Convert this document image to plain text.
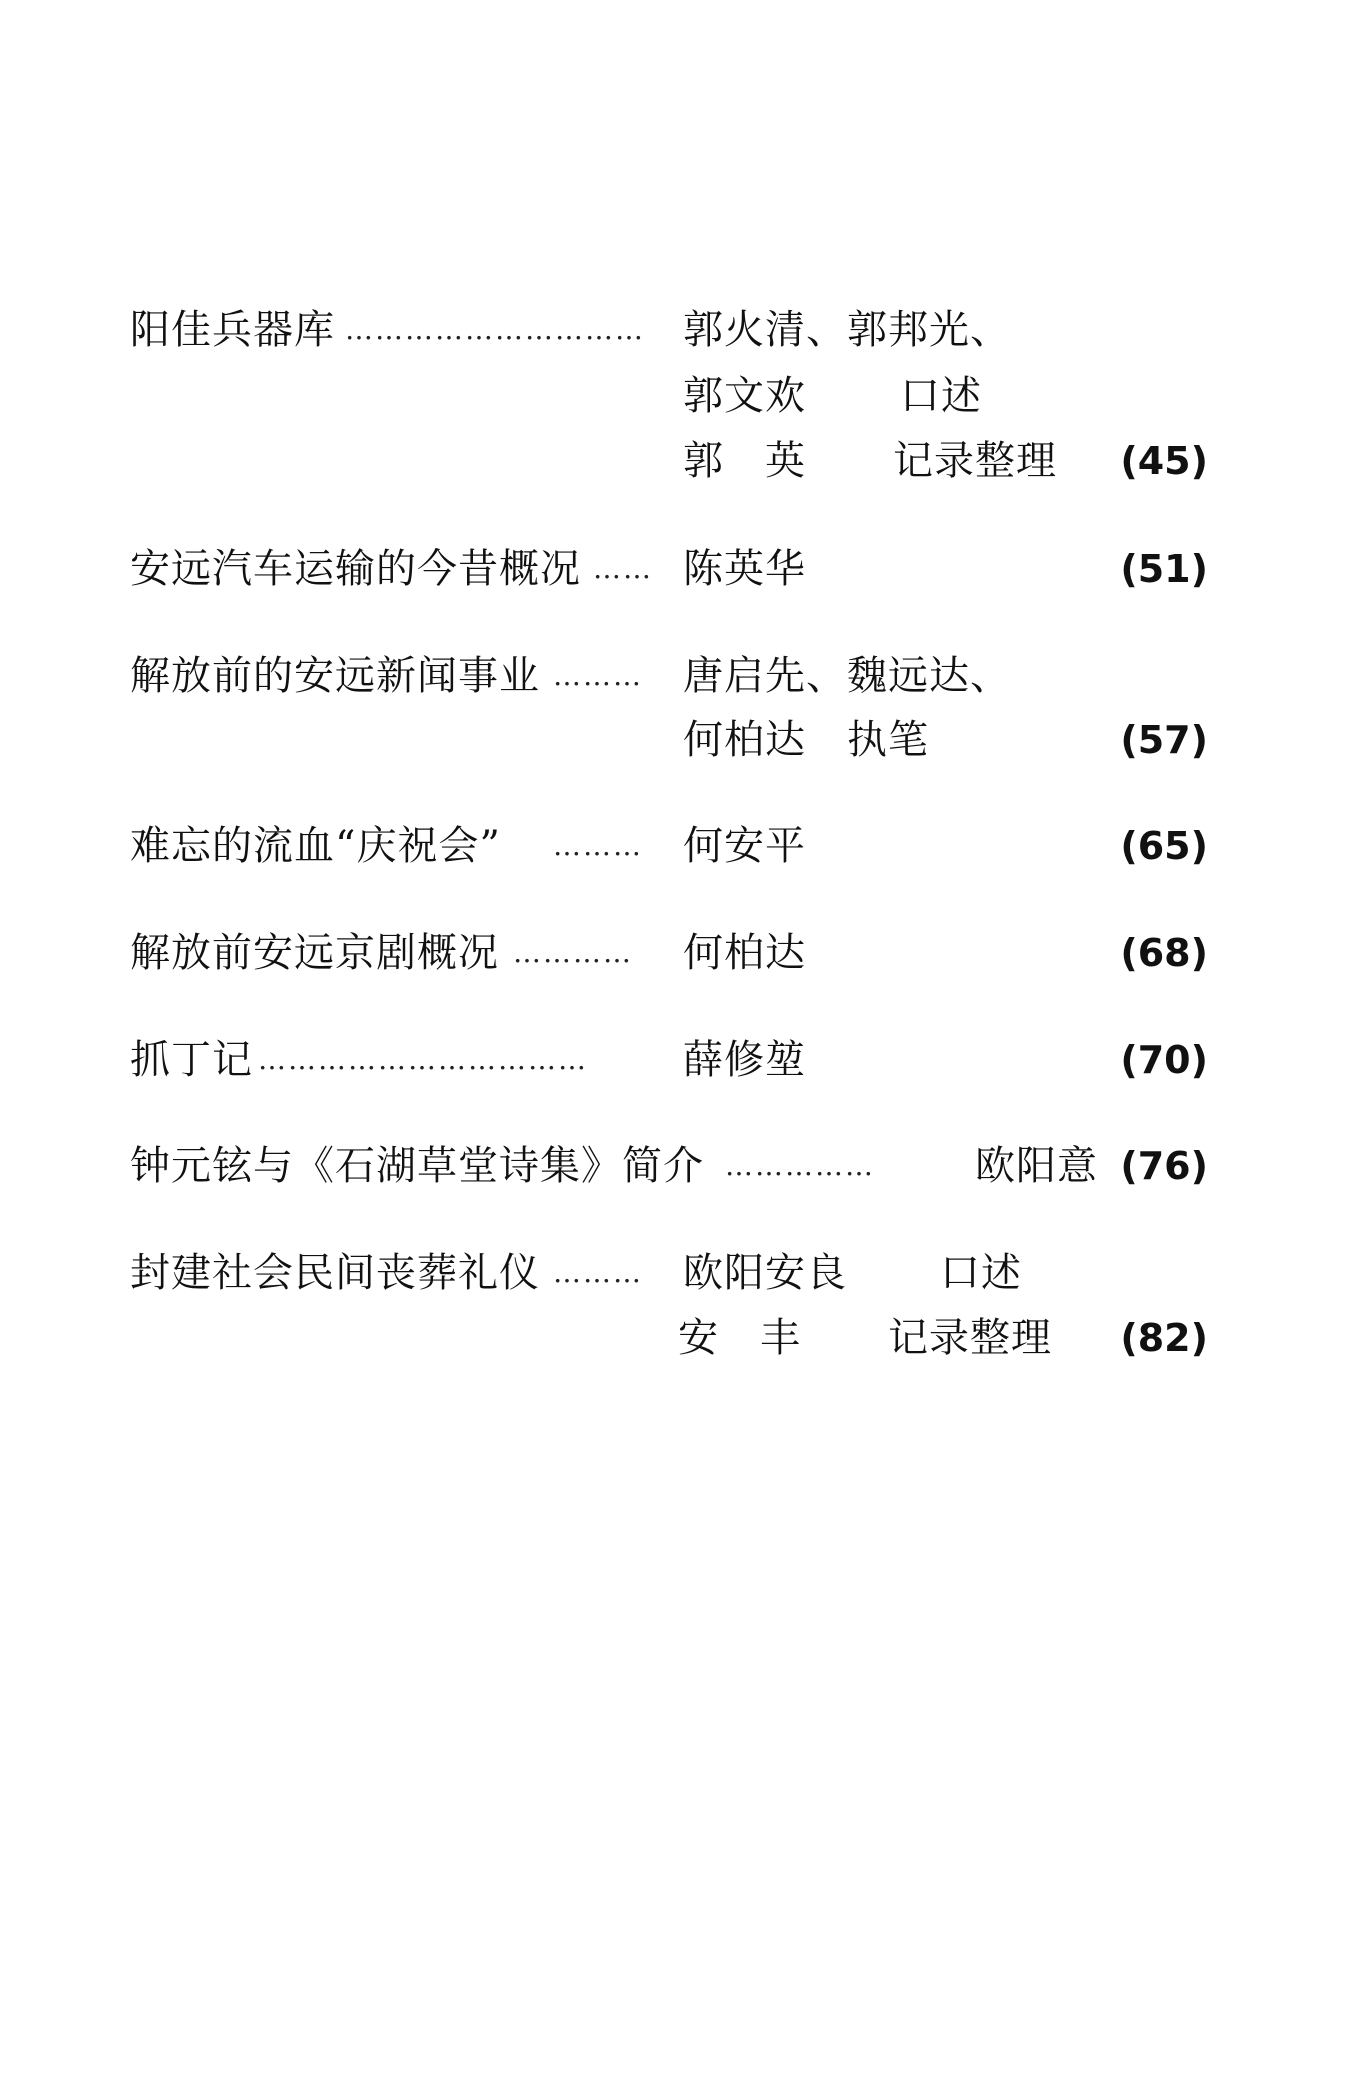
阳佳兵器库 ………………………… 郭火清、郭邦光、
郭文欢 口述
郭　英 记录整理 (45)
安远汽车运输的今昔概况 …… 陈英华	(51)
解放前的安远新闻事业 ………	唐启先、魏远达、
何柏达　执笔	(57)
难忘的流血“庆祝会” ………	何安平	(65)
解放前安远京剧概况 …………	何柏达	(68)
抓丁记 ……………………………	薛修堃	(70)
钟元铉与《石湖草堂诗集》简介 ……………	欧阳意 (76)
封建社会民间丧葬礼仪 ………	欧阳安良 口述
安　丰 记录整理 (82)
